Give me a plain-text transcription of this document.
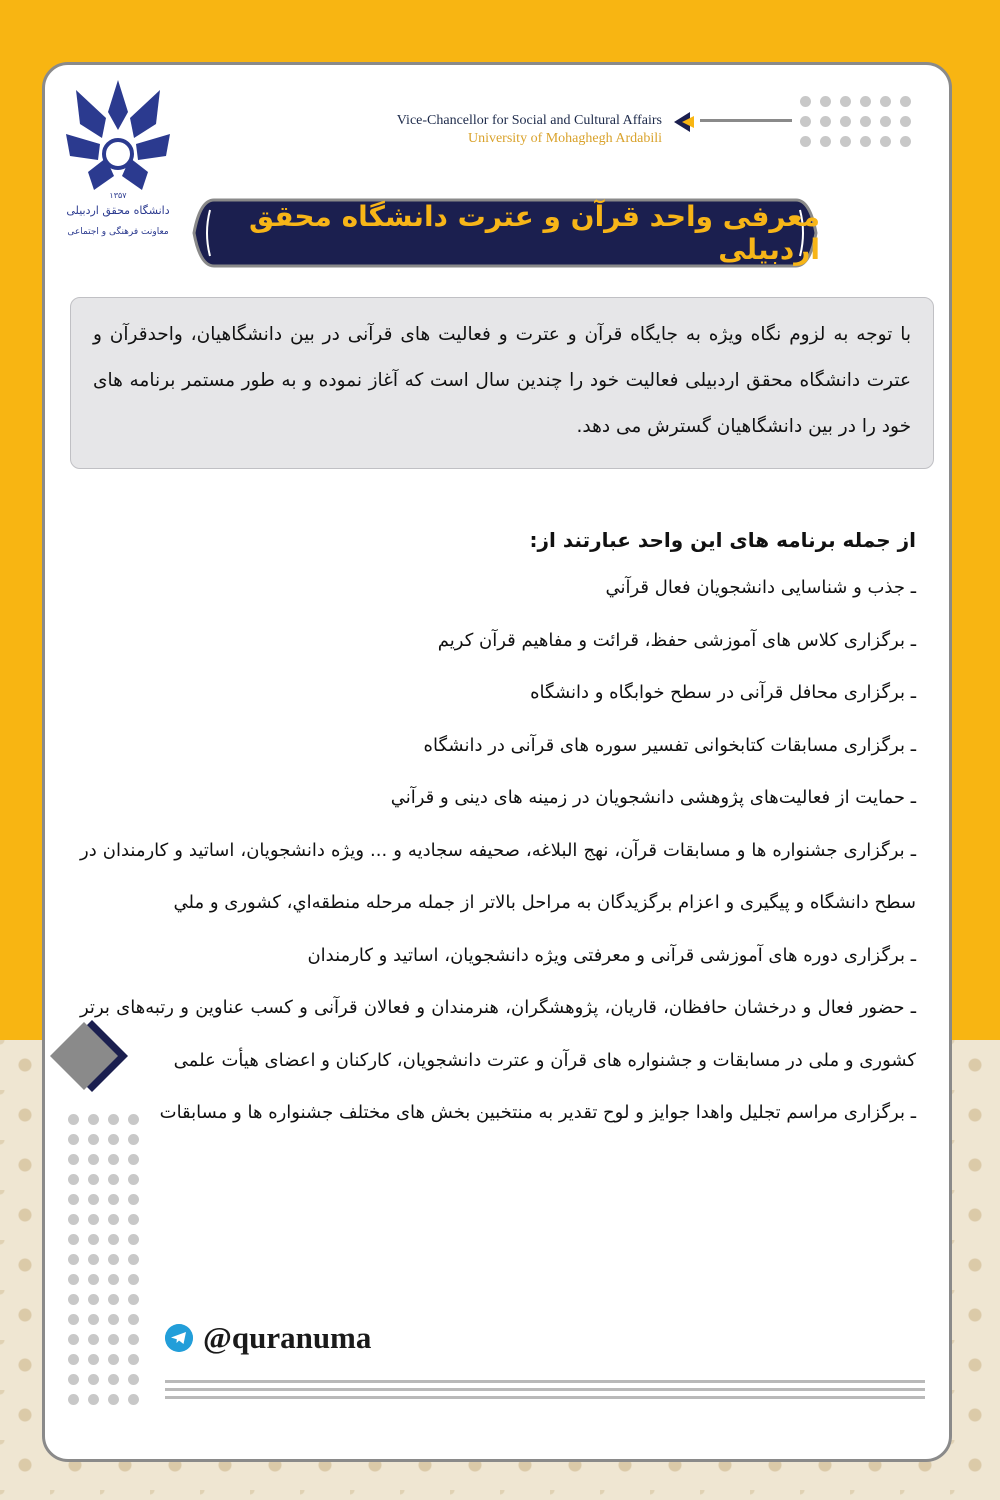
دانشگاه محقق اردبیلی
معاونت فرهنگی و اجتماعی
۱۳۵۷
Vice-Chancellor for Social and Cultural Affairs
University of Mohaghegh Ardabili
معرفی واحد قرآن و عترت دانشگاه محقق اردبیلی
با توجه به لزوم نگاه ویژه به جایگاه قرآن و عترت و فعالیت های قرآنی در بین دانشگاهیان، واحدقرآن و عترت دانشگاه محقق اردبیلی فعالیت خود را چندین سال است که آغاز نموده و به طور مستمر برنامه های خود را در بین دانشگاهیان گسترش می دهد.
از جمله برنامه های این واحد عبارتند از:
ـ جذب و شناسایی دانشجویان فعال قرآني
ـ برگزاری کلاس های آموزشی حفظ، قرائت و مفاهیم قرآن کریم
ـ برگزاری محافل قرآنی در سطح خوابگاه و دانشگاه
ـ برگزاری مسابقات کتابخوانی تفسیر سوره های قرآنی در دانشگاه
ـ حمايت از فعالیت‌های پژوهشی دانشجویان در زمینه های دینی و قرآني
ـ برگزاری جشنواره ها و مسابقات قرآن، نهج البلاغه، صحیفه سجادیه و ... ویژه دانشجویان، اساتید و کارمندان در سطح دانشگاه و پیگیری و اعزام برگزیدگان به مراحل بالاتر از جمله مرحله منطقه‌اي، کشوری و ملي
ـ برگزاری دوره های آموزشی قرآنی و معرفتی ویژه دانشجویان، اساتید و کارمندان
ـ حضور فعال و درخشان حافظان، قاریان، پژوهشگران، هنرمندان و فعالان قرآنی و کسب عناوین و رتبه‌های برتر کشوری و ملی در مسابقات و جشنواره های قرآن و عترت دانشجویان، کارکنان و اعضای هیأت علمی
ـ برگزاری مراسم تجلیل واهدا جوایز و لوح تقدیر به منتخبین بخش های مختلف جشنواره ها و مسابقات
@quranuma
